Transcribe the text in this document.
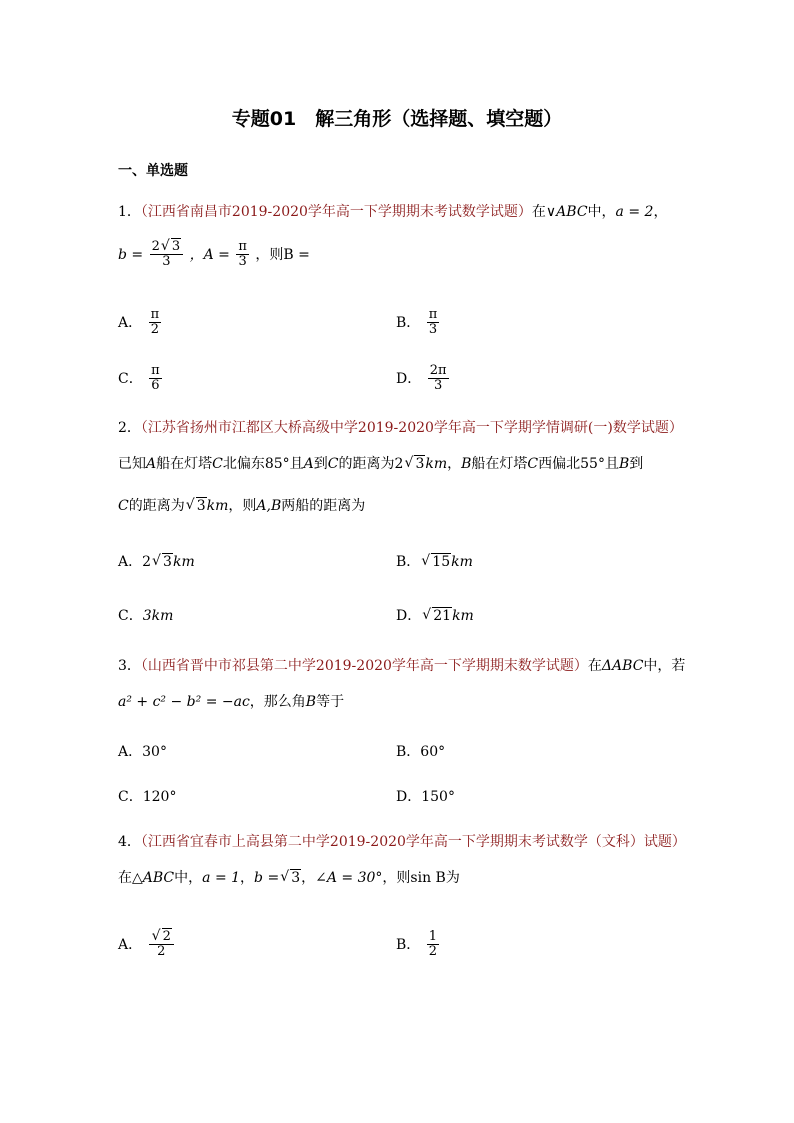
专题01　解三角形（选择题、填空题）
一、单选题
1．（江西省南昌市2019-2020学年高一下学期期末考试数学试题）在∨ABC中，a = 2，
$b = \frac{2 √ 3}{3}$ ，$A = \frac{\pi}{3}$ ，则B =
A． $\frac{\pi}{2}$	B． $\frac{\pi}{3}$
C． $\frac{\pi}{6}$	D． $\frac{2\pi}{3}$
2．（江苏省扬州市江都区大桥高级中学2019-2020学年高一下学期学情调研(一)数学试题）
已知A船在灯塔C北偏东85°且A到C的距离为2 √ 3km，B船在灯塔C西偏北55°且B到
C的距离为 √ 3km，则A,B两船的距离为
A．2 √ 3km	B． √ 15km
C．3km	D． √ 21km
3．（山西省晋中市祁县第二中学2019-2020学年高一下学期期末数学试题）在ΔABC中，若
a² + c² − b² = −ac，那么角B等于
A．30°	B．60°
C．120°	D．150°
4．（江西省宜春市上高县第二中学2019-2020学年高一下学期期末考试数学（文科）试题）
在△ABC中，a = 1，b = √ 3，∠A = 30°，则sin B为
A． √ $\frac{2}{2}$	B． $\frac{1}{2}$
